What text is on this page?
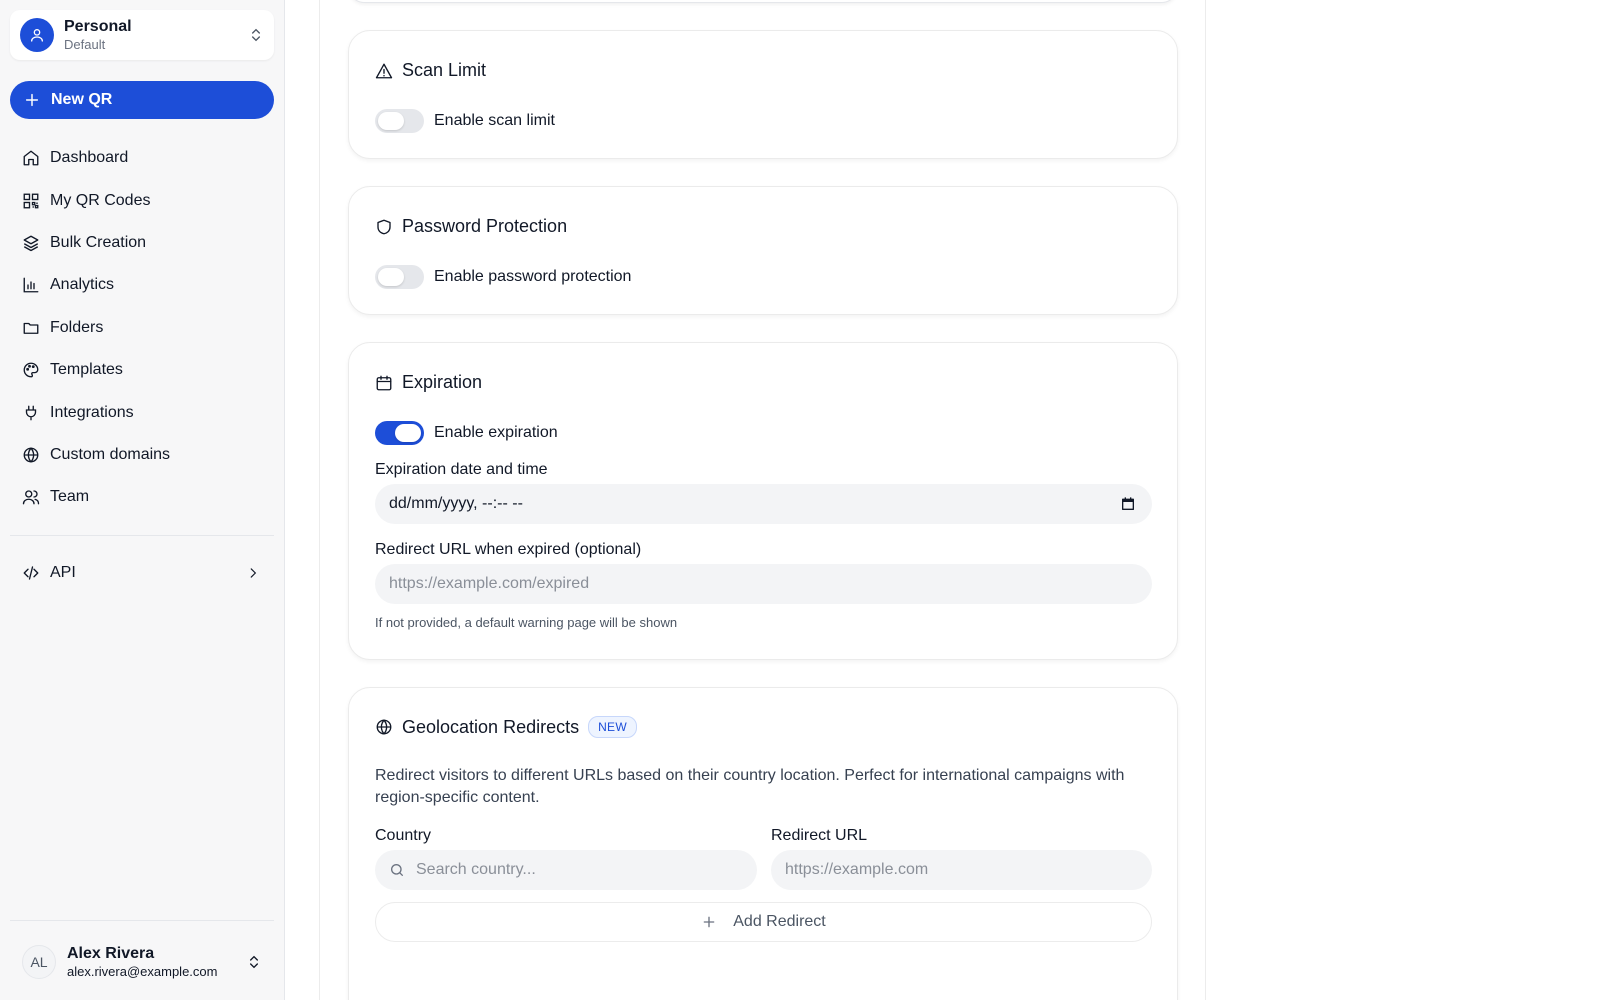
Personal
Default
New QR
Dashboard
My QR Codes
Bulk Creation
Analytics
Folders
Templates
Integrations
Custom domains
Team
API
AL	Alex Rivera
alex.rivera@example.com
Scan Limit
Enable scan limit
Password Protection
Enable password protection
Expiration
Enable expiration
Expiration date and time
dd/mm/yyyy, --:-- --
Redirect URL when expired (optional)
https://example.com/expired
If not provided, a default warning page will be shown
Geolocation Redirects	NEW

Redirect visitors to different URLs based on their country location. Perfect for international campaigns with region-specific content.

Country	Redirect URL
Search country...	https://example.com
Add Redirect
